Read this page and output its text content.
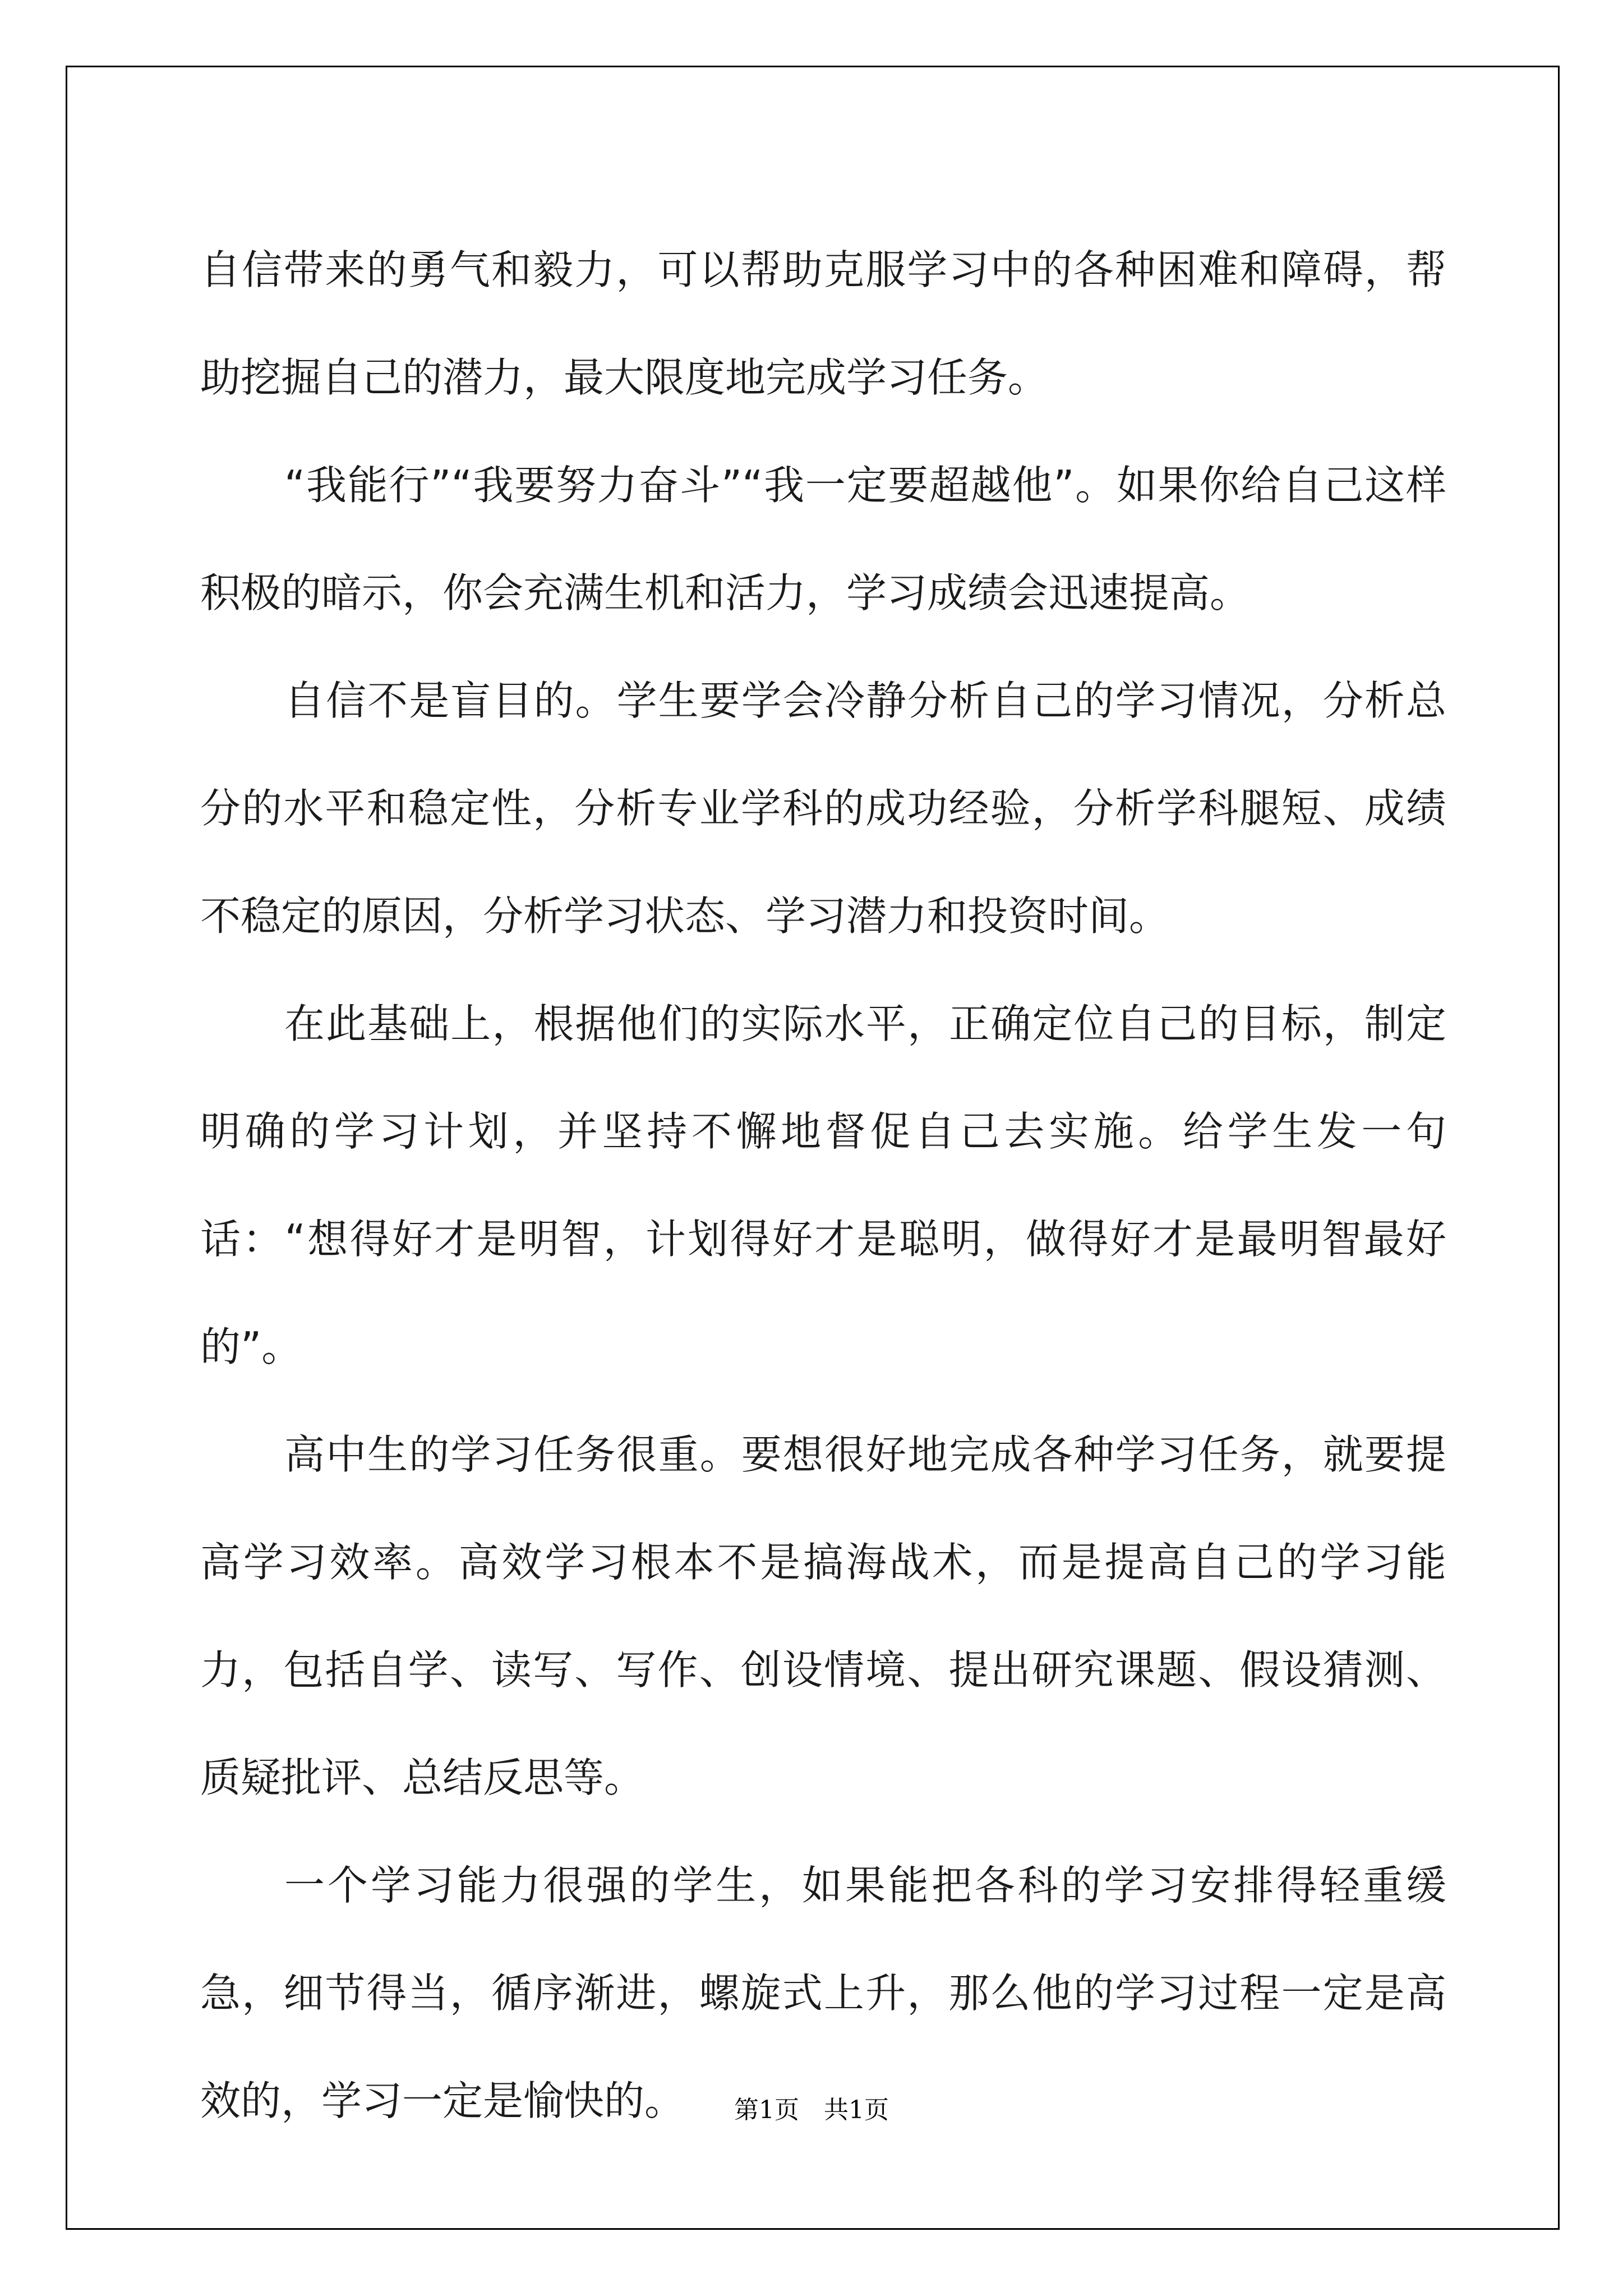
自信带来的勇气和毅力，可以帮助克服学习中的各种困难和障碍，帮助挖掘自己的潜力，最大限度地完成学习任务。

“我能行”“我要努力奋斗”“我一定要超越他”。如果你给自己这样积极的暗示，你会充满生机和活力，学习成绩会迅速提高。

自信不是盲目的。学生要学会冷静分析自己的学习情况，分析总分的水平和稳定性，分析专业学科的成功经验，分析学科腿短、成绩不稳定的原因，分析学习状态、学习潜力和投资时间。

在此基础上，根据他们的实际水平，正确定位自己的目标，制定明确的学习计划，并坚持不懈地督促自己去实施。给学生发一句话：“想得好才是明智，计划得好才是聪明，做得好才是最明智最好的”。

高中生的学习任务很重。要想很好地完成各种学习任务，就要提高学习效率。高效学习根本不是搞海战术，而是提高自己的学习能力，包括自学、读写、写作、创设情境、提出研究课题、假设猜测、质疑批评、总结反思等。

一个学习能力很强的学生，如果能把各科的学习安排得轻重缓急，细节得当，循序渐进，螺旋式上升，那么他的学习过程一定是高效的，学习一定是愉快的。	第1页　共1页
